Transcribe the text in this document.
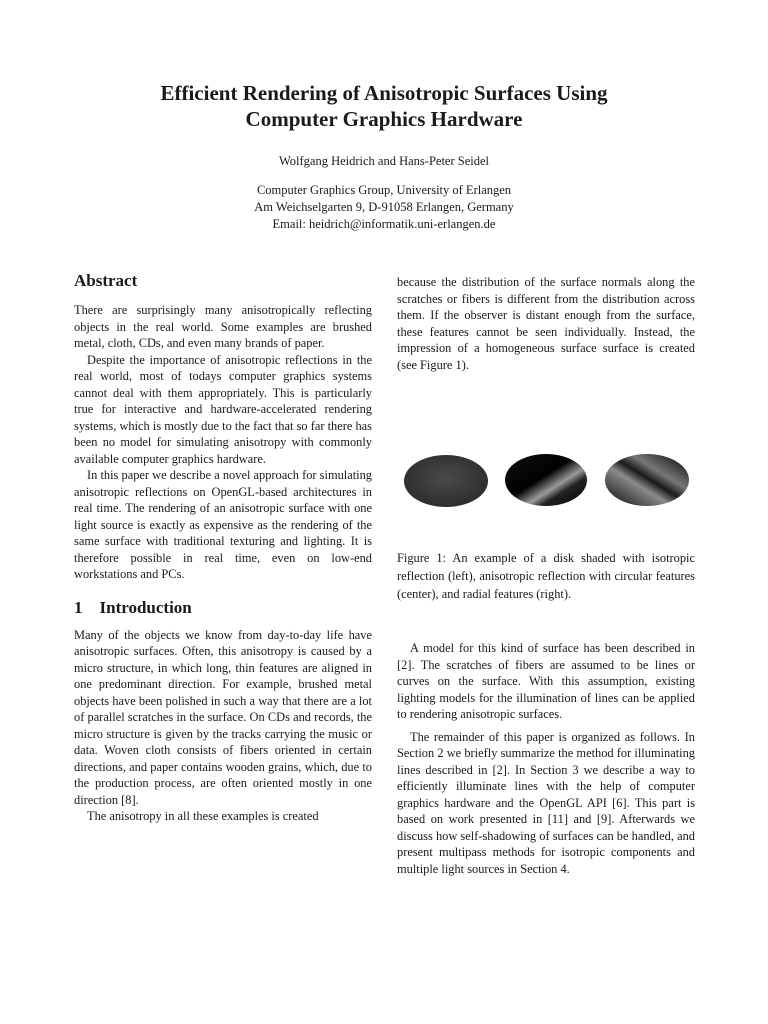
Efficient Rendering of Anisotropic Surfaces Using
Computer Graphics Hardware
Wolfgang Heidrich and Hans-Peter Seidel
Computer Graphics Group, University of Erlangen
Am Weichselgarten 9, D-91058 Erlangen, Germany
Email: heidrich@informatik.uni-erlangen.de
Abstract

There are surprisingly many anisotropically reflecting objects in the real world. Some examples are brushed metal, cloth, CDs, and even many brands of paper.

Despite the importance of anisotropic reflections in the real world, most of todays computer graphics systems cannot deal with them appropriately. This is particularly true for interactive and hardware-accelerated rendering systems, which is mostly due to the fact that so far there has been no model for simulating anisotropy with commonly available computer graphics hardware.

In this paper we describe a novel approach for simulating anisotropic reflections on OpenGL-based architectures in real time. The rendering of an anisotropic surface with one light source is exactly as expensive as the rendering of the same surface with traditional texturing and lighting. It is therefore possible in real time, even on low-end workstations and PCs.

1 Introduction

Many of the objects we know from day-to-day life have anisotropic surfaces. Often, this anisotropy is caused by a micro structure, in which long, thin features are aligned in one predominant direction. For example, brushed metal objects have been polished in such a way that there are a lot of parallel scratches in the surface. On CDs and records, the micro structure is given by the tracks carrying the music or data. Woven cloth consists of fibers oriented in certain directions, and paper contains wooden grains, which, due to the production process, are often oriented mostly in one direction [8].

The anisotropy in all these examples is created

because the distribution of the surface normals along the scratches or fibers is different from the distribution across them. If the observer is distant enough from the surface, these features cannot be seen individually. Instead, the impression of a homogeneous surface surface is created (see Figure 1).

Figure 1: An example of a disk shaded with isotropic reflection (left), anisotropic reflection with circular features (center), and radial features (right).

A model for this kind of surface has been described in [2]. The scratches of fibers are assumed to be lines or curves on the surface. With this assumption, existing lighting models for the illumination of lines can be applied to rendering anisotropic surfaces.

The remainder of this paper is organized as follows. In Section 2 we briefly summarize the method for illuminating lines described in [2]. In Section 3 we describe a way to efficiently illuminate lines with the help of computer graphics hardware and the OpenGL API [6]. This part is based on work presented in [11] and [9]. Afterwards we discuss how self-shadowing of surfaces can be handled, and present multipass methods for isotropic components and multiple light sources in Section 4.
